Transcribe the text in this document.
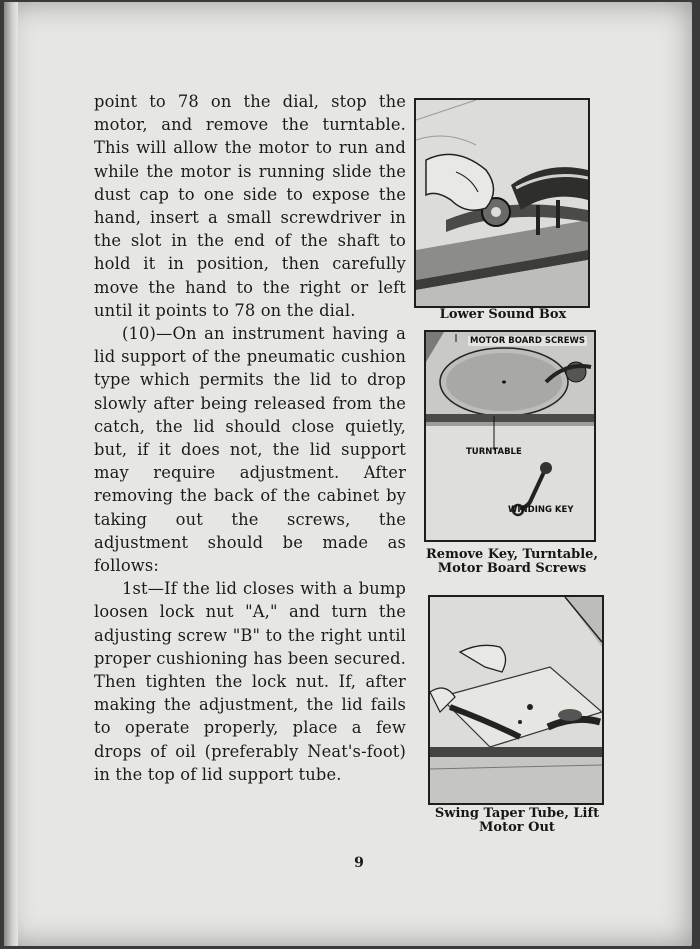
point to 78 on the dial, stop the motor, and remove the turntable. This will allow the motor to run and while the motor is running slide the dust cap to one side to expose the hand, insert a small screwdriver in the slot in the end of the shaft to hold it in position, then carefully move the hand to the right or left until it points to 78 on the dial.

(10)—On an instrument having a lid support of the pneumatic cushion type which permits the lid to drop slowly after being released from the catch, the lid should close quietly, but, if it does not, the lid support may require adjustment. After removing the back of the cabinet by taking out the screws, the adjustment should be made as follows:

1st—If the lid closes with a bump loosen lock nut "A," and turn the adjusting screw "B" to the right until proper cushioning has been secured. Then tighten the lock nut. If, after making the adjustment, the lid fails to operate properly, place a few drops of oil (preferably Neat's-foot) in the top of lid support tube.

Lower Sound Box
MOTOR BOARD SCREWS
TURNTABLE
WINDING KEY
Remove Key, Turntable, Motor Board Screws
Swing Taper Tube, Lift Motor Out
9
